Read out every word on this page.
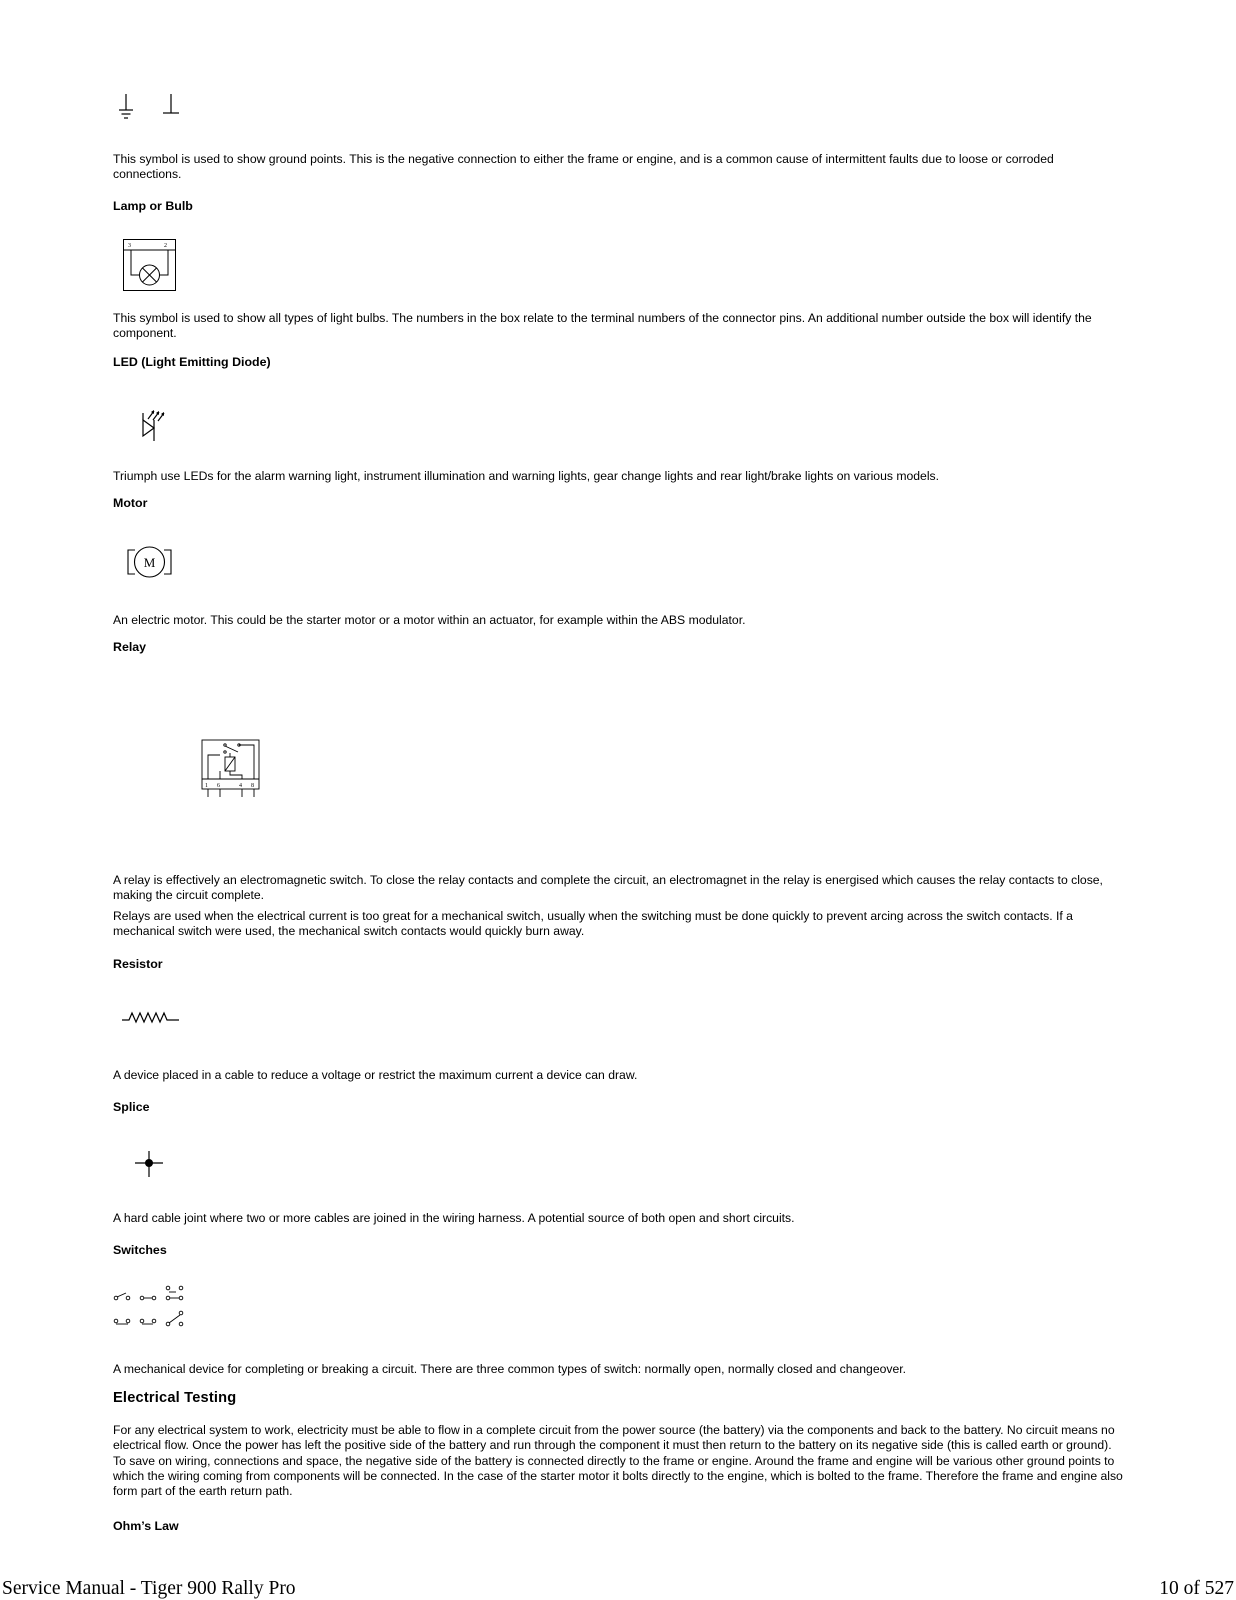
This symbol is used to show ground points. This is the negative connection to either the frame or engine, and is a common cause of intermittent faults due to loose or corroded connections.

Lamp or Bulb

3	2

This symbol is used to show all types of light bulbs. The numbers in the box relate to the terminal numbers of the connector pins. An additional number outside the box will identify the component.

LED (Light Emitting Diode)

Triumph use LEDs for the alarm warning light, instrument illumination and warning lights, gear change lights and rear light/brake lights on various models.

Motor

M

An electric motor. This could be the starter motor or a motor within an actuator, for example within the ABS modulator.

Relay

1 6	4 8

A relay is effectively an electromagnetic switch. To close the relay contacts and complete the circuit, an electromagnet in the relay is energised which causes the relay contacts to close, making the circuit complete.

Relays are used when the electrical current is too great for a mechanical switch, usually when the switching must be done quickly to prevent arcing across the switch contacts. If a mechanical switch were used, the mechanical switch contacts would quickly burn away.

Resistor

A device placed in a cable to reduce a voltage or restrict the maximum current a device can draw.

Splice

A hard cable joint where two or more cables are joined in the wiring harness. A potential source of both open and short circuits.

Switches

A mechanical device for completing or breaking a circuit. There are three common types of switch: normally open, normally closed and changeover.

Electrical Testing

For any electrical system to work, electricity must be able to flow in a complete circuit from the power source (the battery) via the components and back to the battery. No circuit means no electrical flow. Once the power has left the positive side of the battery and run through the component it must then return to the battery on its negative side (this is called earth or ground). To save on wiring, connections and space, the negative side of the battery is connected directly to the frame or engine. Around the frame and engine will be various other ground points to which the wiring coming from components will be connected. In the case of the starter motor it bolts directly to the engine, which is bolted to the frame. Therefore the frame and engine also form part of the earth return path.

Ohm’s Law

Service Manual - Tiger 900 Rally Pro	10 of 527
